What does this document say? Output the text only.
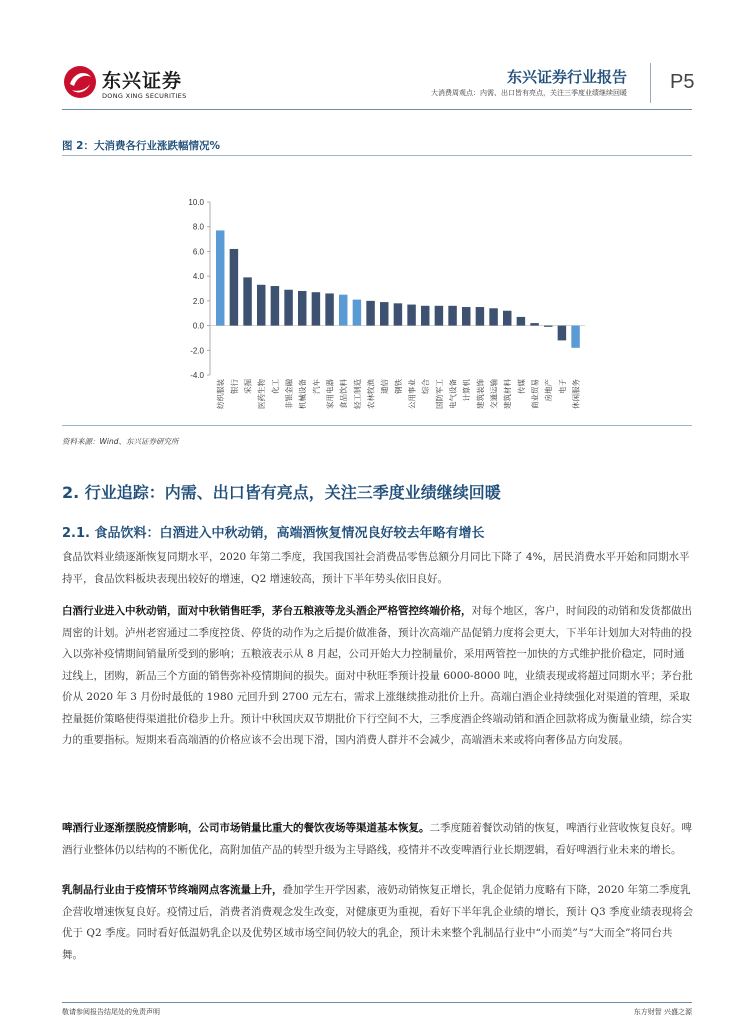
东兴证券
DONG XING SECURITIES
东兴证券行业报告
大消费周观点：内需、出口皆有亮点，关注三季度业绩继续回暖 P5
图 2：大消费各行业涨跌幅情况%
10.0
8.0
6.0
4.0
2.0
0.0
-2.0
-4.0
纺织服装 银行 采掘 医药生物 化工 非银金融 机械设备 汽车 家用电器 食品饮料 轻工制造 农林牧渔 通信 钢铁 公用事业 综合 国防军工 电气设备 计算机 建筑装饰 交通运输 建筑材料 传媒 商业贸易 房地产 电子 休闲服务
资料来源：Wind、东兴证券研究所
2. 行业追踪：内需、出口皆有亮点，关注三季度业绩继续回暖
2.1. 食品饮料：白酒进入中秋动销，高端酒恢复情况良好较去年略有增长

食品饮料业绩逐渐恢复同期水平，2020 年第二季度，我国我国社会消费品零售总额分月同比下降了 4%，居民消费水平开始和同期水平持平，食品饮料板块表现出较好的增速，Q2 增速较高，预计下半年势头依旧良好。

白酒行业进入中秋动销，面对中秋销售旺季，茅台五粮液等龙头酒企严格管控终端价格，对每个地区，客户，时间段的动销和发货都做出周密的计划。泸州老窖通过二季度控货、停货的动作为之后提价做准备，预计次高端产品促销力度将会更大，下半年计划加大对特曲的投入以弥补疫情期间销量所受到的影响；五粮液表示从 8 月起，公司开始大力控制量价，采用两管控一加快的方式维护批价稳定，同时通过线上，团购，新品三个方面的销售弥补疫情期间的损失。面对中秋旺季预计投量 6000-8000 吨，业绩表现或将超过同期水平；茅台批价从 2020 年 3 月份时最低的 1980 元回升到 2700 元左右，需求上涨继续推动批价上升。高端白酒企业持续强化对渠道的管理，采取控量挺价策略使得渠道批价稳步上升。预计中秋国庆双节期批价下行空间不大，三季度酒企终端动销和酒企回款将成为衡量业绩，综合实力的重要指标。短期来看高端酒的价格应该不会出现下滑，国内消费人群并不会减少，高端酒未来或将向奢侈品方向发展。

啤酒行业逐渐摆脱疫情影响，公司市场销量比重大的餐饮夜场等渠道基本恢复。二季度随着餐饮动销的恢复，啤酒行业营收恢复良好。啤酒行业整体仍以结构的不断优化，高附加值产品的转型升级为主导路线，疫情并不改变啤酒行业长期逻辑，看好啤酒行业未来的增长。

乳制品行业由于疫情环节终端网点客流量上升，叠加学生开学因素，液奶动销恢复正增长，乳企促销力度略有下降，2020 年第二季度乳企营收增速恢复良好。疫情过后，消费者消费观念发生改变，对健康更为重视，看好下半年乳企业绩的增长，预计 Q3 季度业绩表现将会优于 Q2 季度。同时看好低温奶乳企以及优势区域市场空间仍较大的乳企，预计未来整个乳制品行业中“小而美”与“大而全”将同台共舞。

敬请参阅报告结尾处的免责声明	东方财智 兴盛之源
